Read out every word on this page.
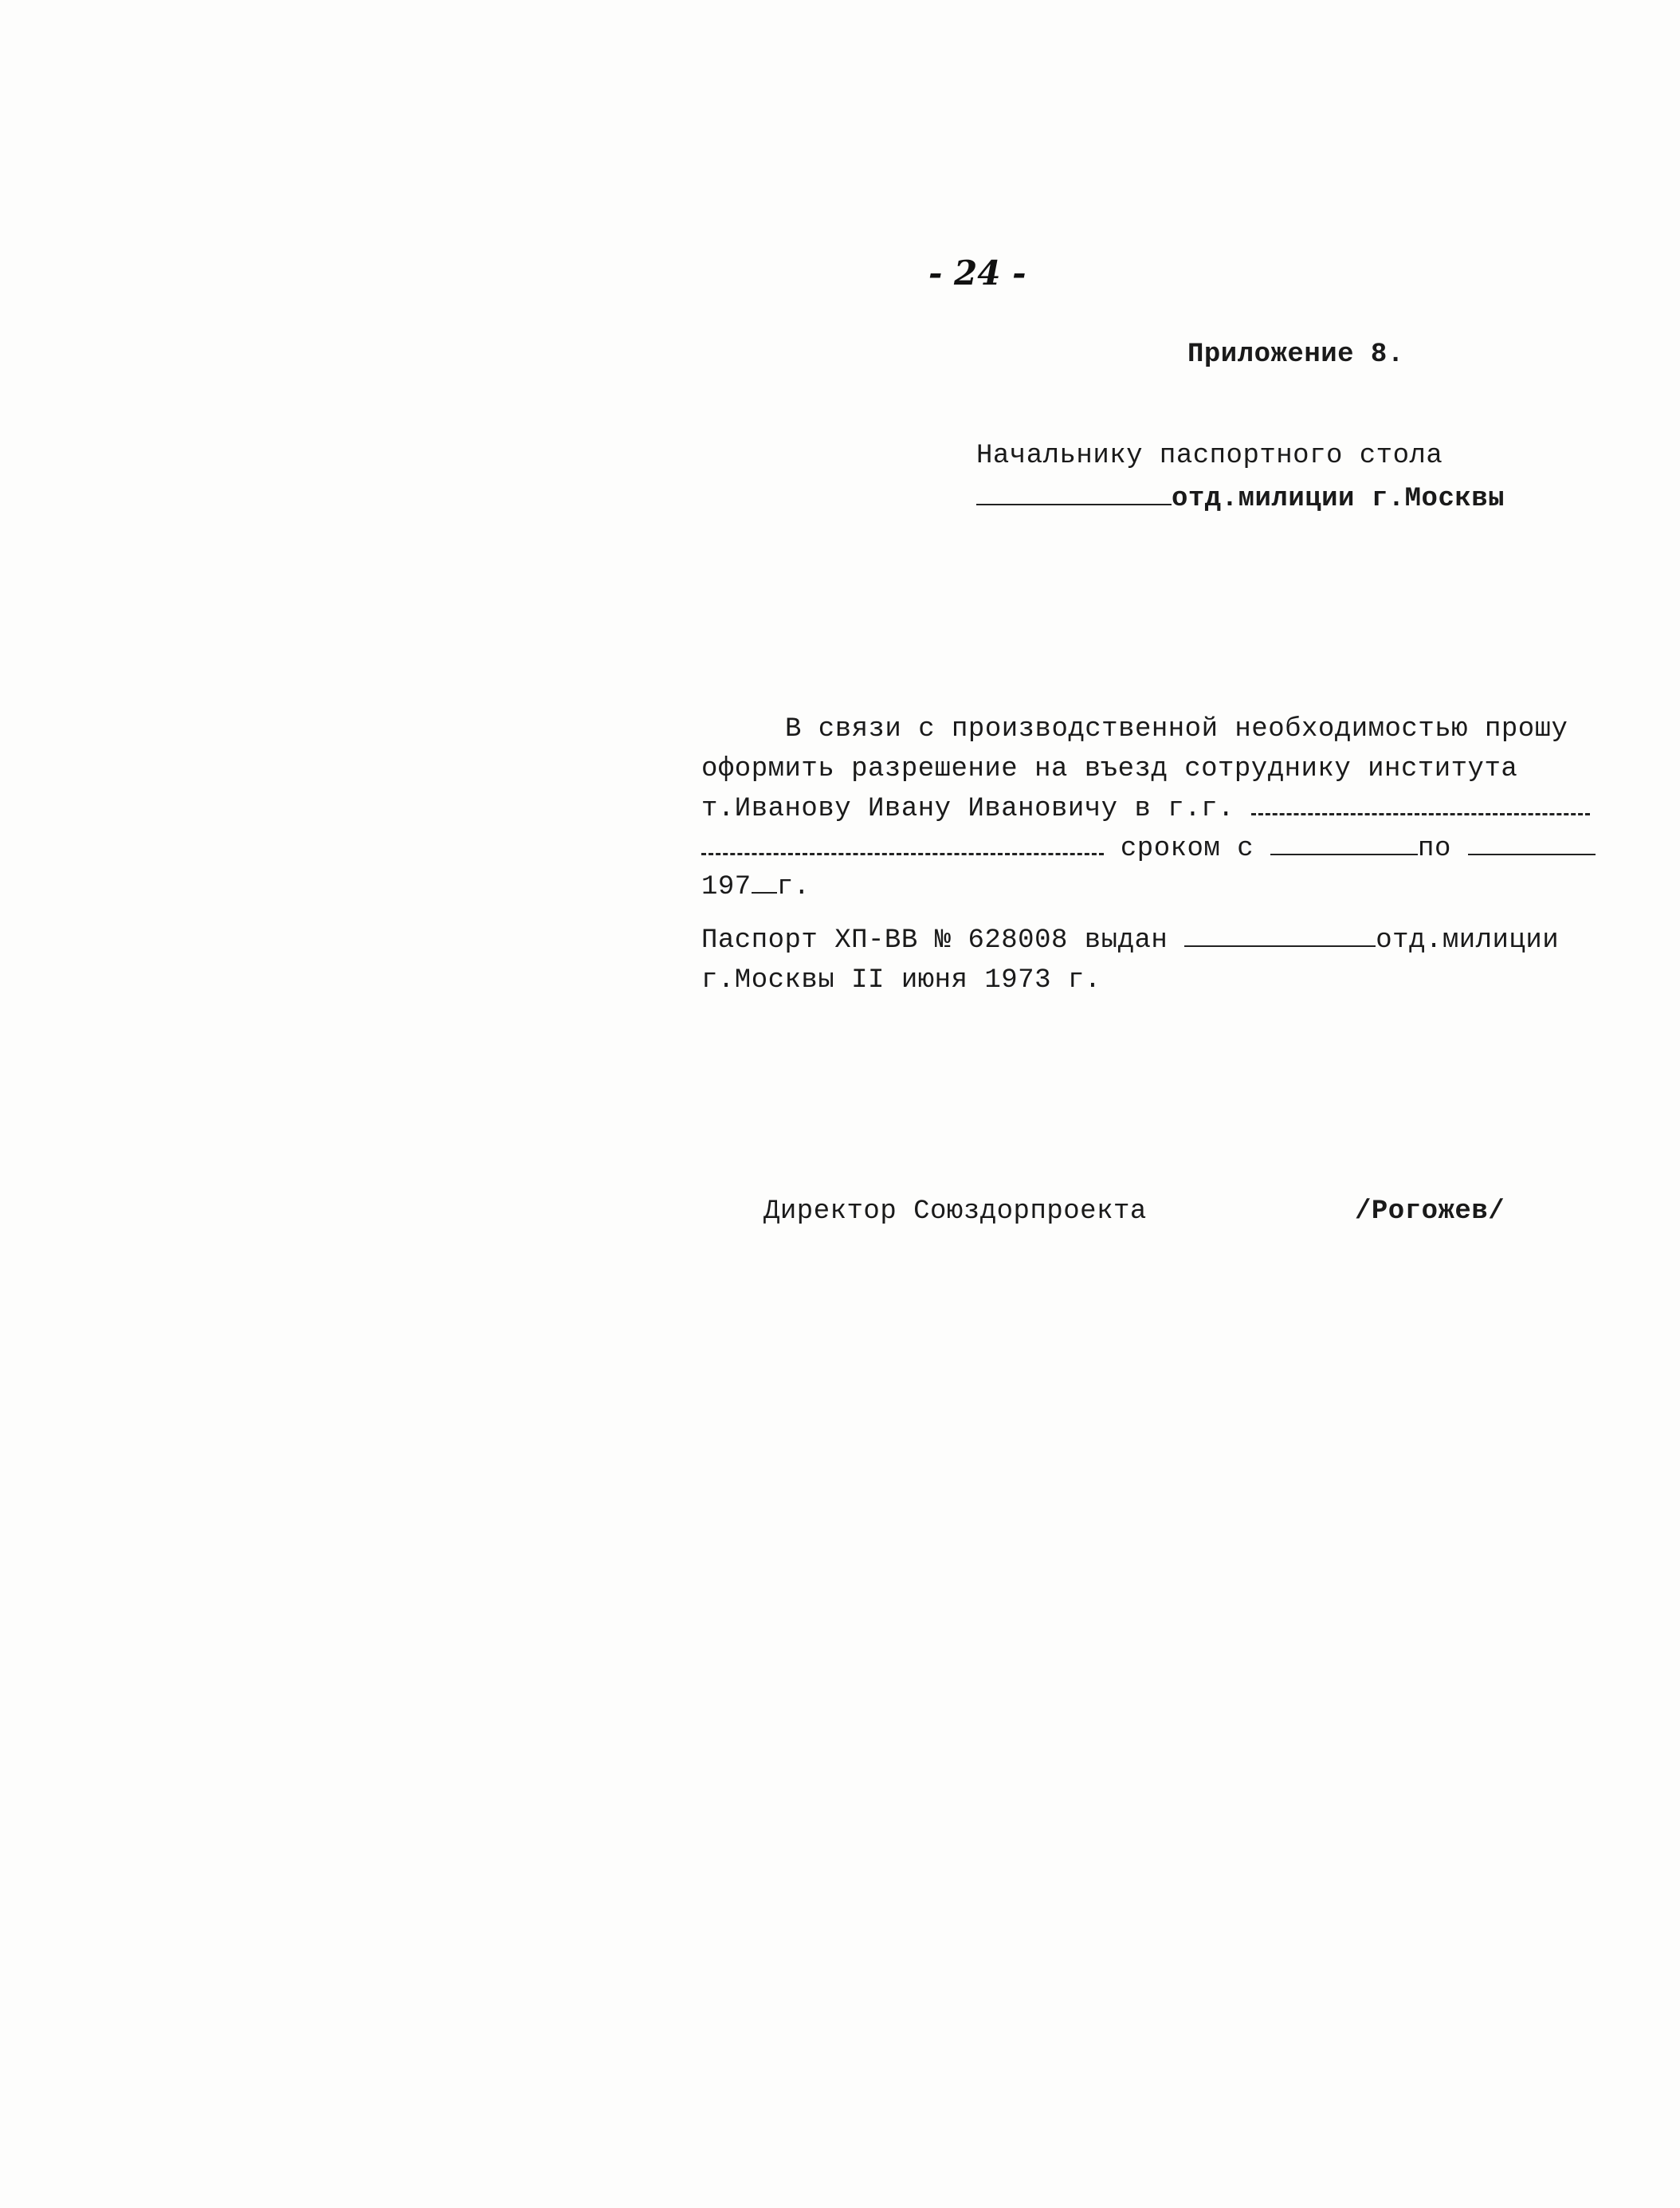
- 24 -
Приложение 8.
Начальнику паспортного стола
отд.милиции г.Москвы
В связи с производственной необходимостью прошу
оформить разрешение на въезд сотруднику института
т.Иванову Ивану Ивановичу в г.г.
сроком с	по
197 г.
Паспорт ХП-ВВ № 628008 выдан	отд.милиции
г.Москвы II июня 1973 г.
Директор Союздорпроекта	/Рогожев/
